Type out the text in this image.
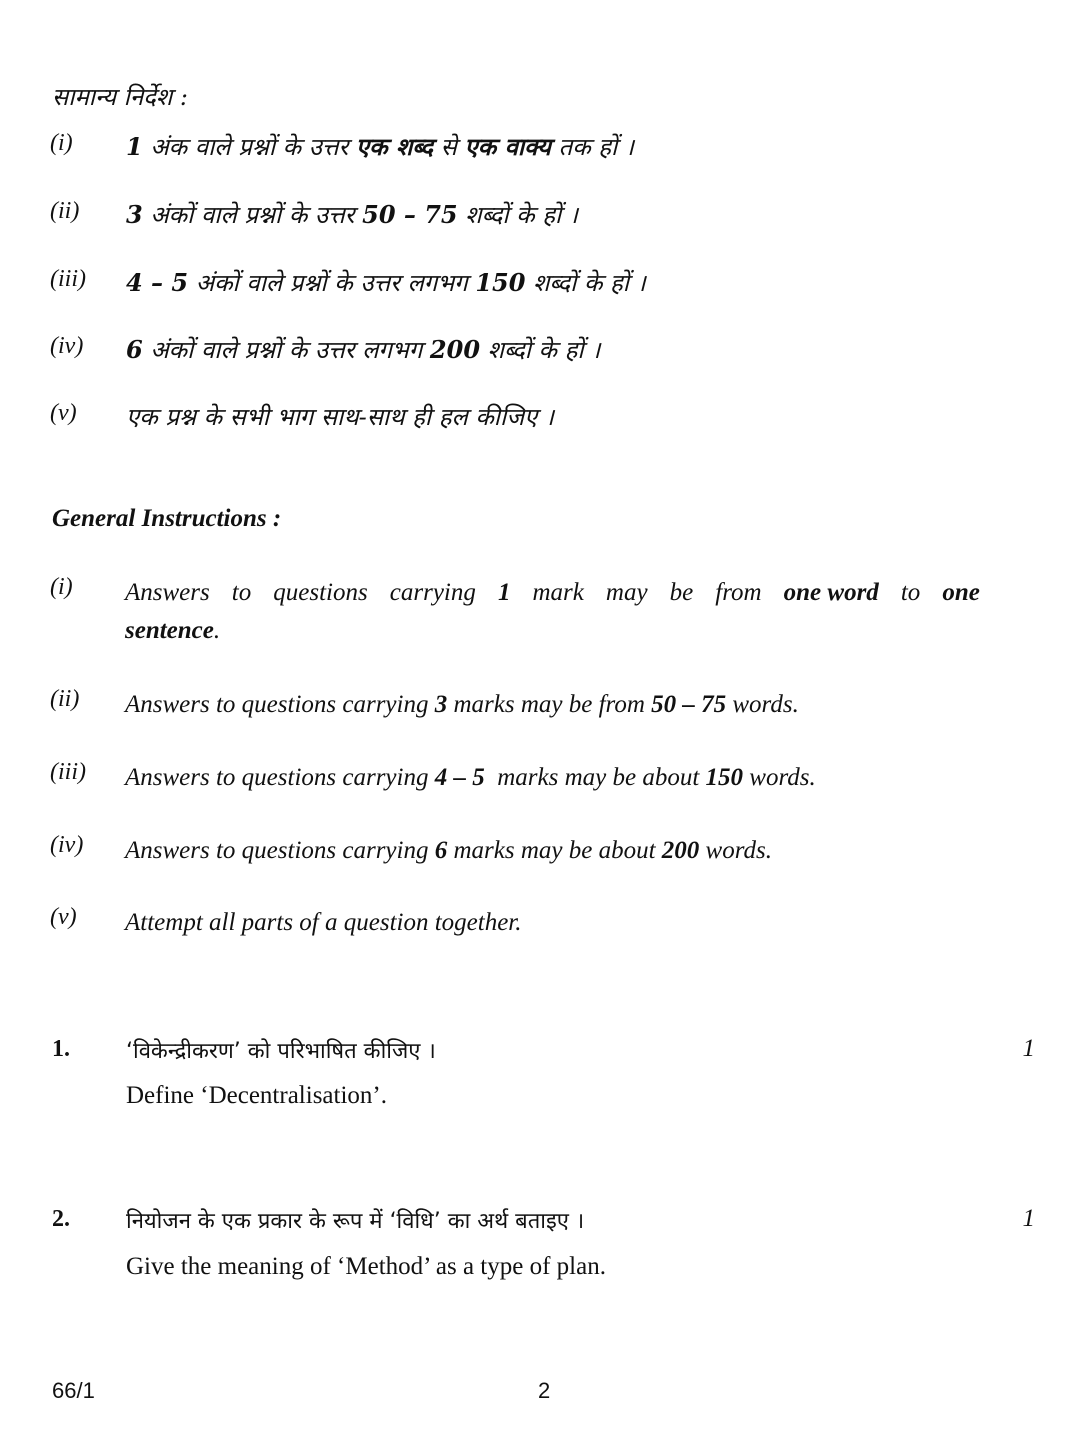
सामान्य निर्देश :
(i) 1 अंक वाले प्रश्नों के उत्तर एक शब्द से एक वाक्य तक हों ।
(ii) 3 अंकों वाले प्रश्नों के उत्तर 50 – 75 शब्दों के हों ।
(iii) 4 – 5 अंकों वाले प्रश्नों के उत्तर लगभग 150 शब्दों के हों ।
(iv) 6 अंकों वाले प्रश्नों के उत्तर लगभग 200 शब्दों के हों ।
(v) एक प्रश्न के सभी भाग साथ-साथ ही हल कीजिए ।
General Instructions :
(i) Answers to questions carrying 1 mark may be from one word to one
sentence.
(ii) Answers to questions carrying 3 marks may be from 50 – 75 words.
(iii) Answers to questions carrying 4 – 5  marks may be about 150 words.
(iv) Answers to questions carrying 6 marks may be about 200 words.
(v) Attempt all parts of a question together.
1.	‘विकेन्द्रीकरण’ को परिभाषित कीजिए ।	1
Define ‘Decentralisation’.
2.	नियोजन के एक प्रकार के रूप में ‘विधि’ का अर्थ बताइए ।	1
Give the meaning of ‘Method’ as a type of plan.
66/1	2
